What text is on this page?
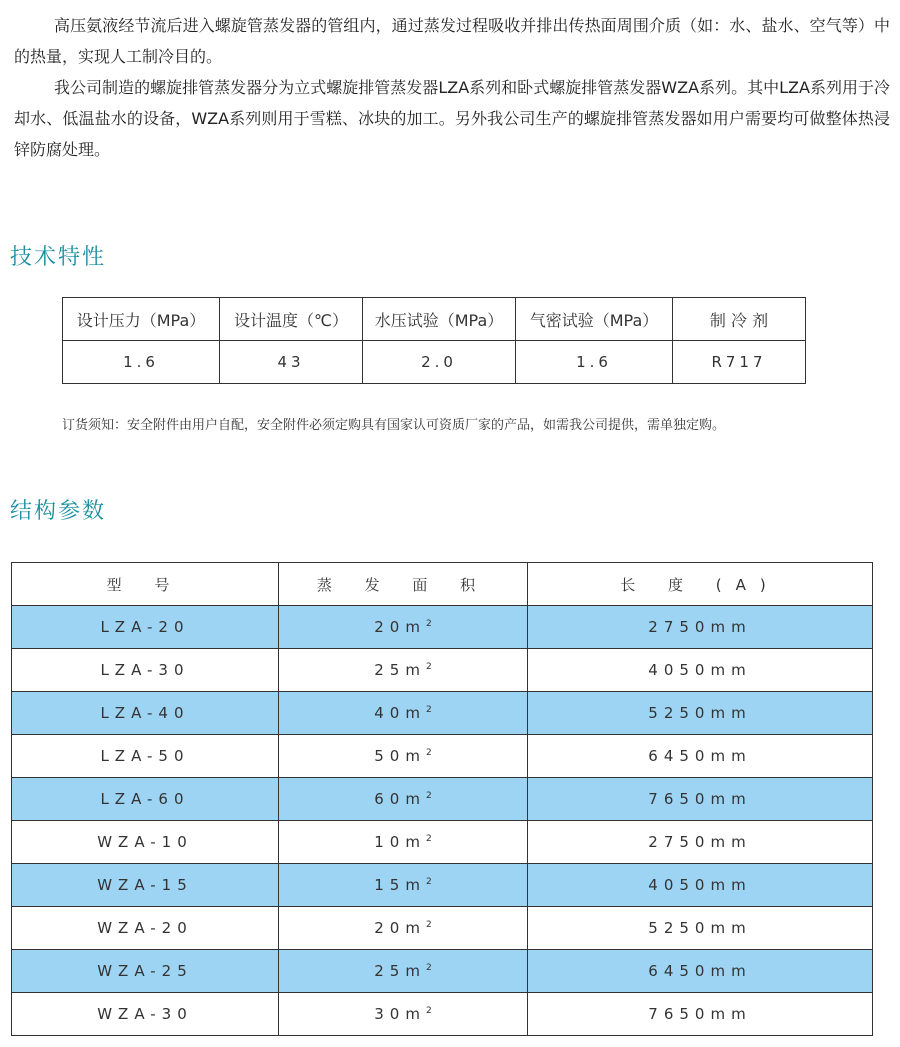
高压氨液经节流后进入螺旋管蒸发器的管组内，通过蒸发过程吸收并排出传热面周围介质（如：水、盐水、空气等）中的热量，实现人工制冷目的。

我公司制造的螺旋排管蒸发器分为立式螺旋排管蒸发器LZA系列和卧式螺旋排管蒸发器WZA系列。其中LZA系列用于冷却水、低温盐水的设备，WZA系列则用于雪糕、冰块的加工。另外我公司生产的螺旋排管蒸发器如用户需要均可做整体热浸锌防腐处理。

技术特性
设计压力（MPa）	设计温度（℃）	水压试验（MPa）	气密试验（MPa）	制 冷 剂
1.6	43	2.0	1.6	R717

订货须知：安全附件由用户自配，安全附件必须定购具有国家认可资质厂家的产品，如需我公司提供，需单独定购。

结构参数
型 号	蒸 发 面 积	长 度 (A)
LZA-20	$20m^2$	2750mm
LZA-30	$25m^2$	4050mm
LZA-40	$40m^2$	5250mm
LZA-50	$50m^2$	6450mm
LZA-60	$60m^2$	7650mm
WZA-10	$10m^2$	2750mm
WZA-15	$15m^2$	4050mm
WZA-20	$20m^2$	5250mm
WZA-25	$25m^2$	6450mm
WZA-30	$30m^2$	7650mm
